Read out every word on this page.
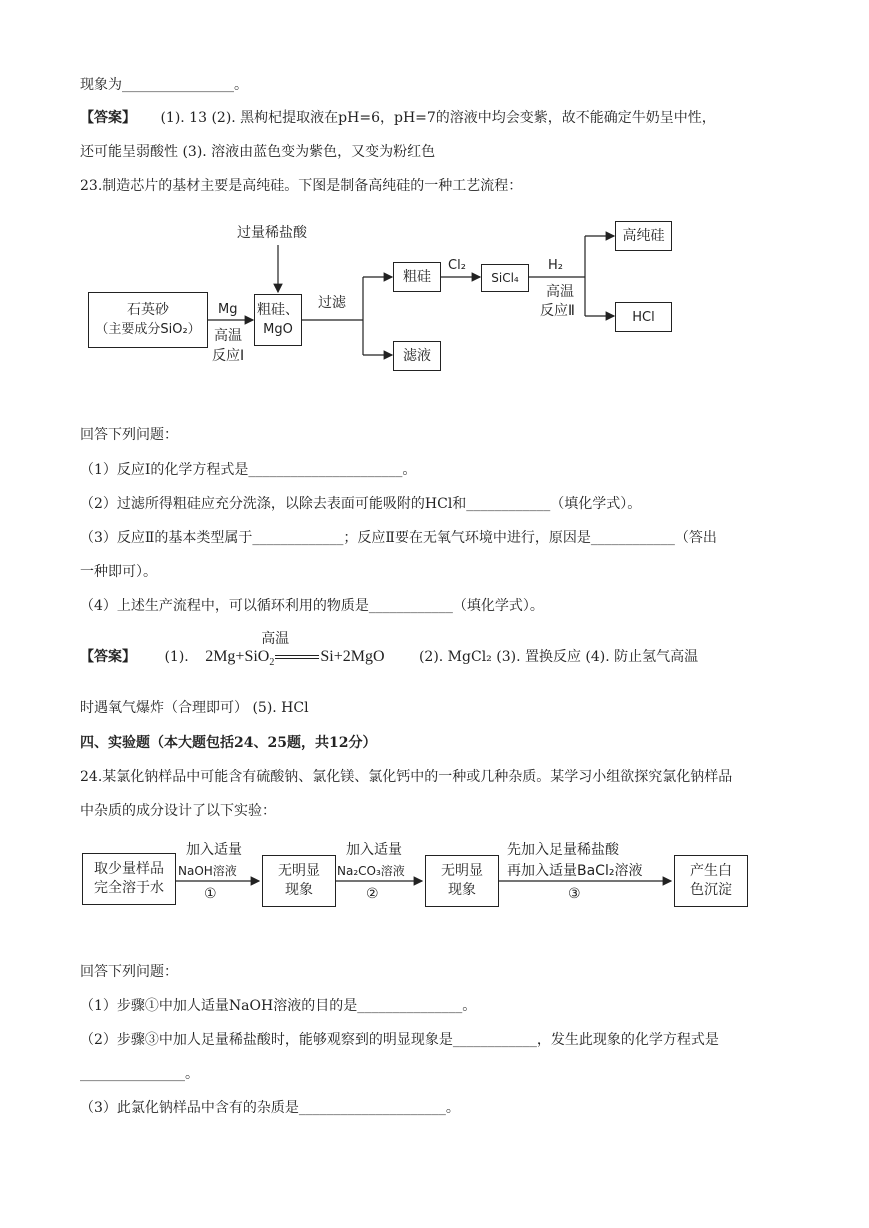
现象为________________。
【答案】 (1). 13 (2). 黑枸杞提取液在pH=6，pH=7的溶液中均会变紫，故不能确定牛奶呈中性，
还可能呈弱酸性 (3). 溶液由蓝色变为紫色，又变为粉红色
23.制造芯片的基材主要是高纯硅。下图是制备高纯硅的一种工艺流程：
过量稀盐酸
石英砂
（主要成分SiO₂）
Mg
高温
反应Ⅰ
粗硅、
MgO
过滤
粗硅
滤液
Cl₂
SiCl₄
H₂
高温
反应Ⅱ
高纯硅
HCl
回答下列问题：
（1）反应Ⅰ的化学方程式是______________________。
（2）过滤所得粗硅应充分洗涤，以除去表面可能吸附的HCl和____________（填化学式）。
（3）反应Ⅱ的基本类型属于_____________；反应Ⅱ要在无氧气环境中进行，原因是____________（答出
一种即可）。
（4）上述生产流程中，可以循环利用的物质是____________（填化学式）。
【答案】 (1). 2Mg+SiO$_2$	Si+2MgO
高温
(2). MgCl₂ (3). 置换反应 (4). 防止氢气高温
时遇氧气爆炸（合理即可） (5). HCl
四、实验题（本大题包括24、25题，共12分）
24.某氯化钠样品中可能含有硫酸钠、氯化镁、氯化钙中的一种或几种杂质。某学习小组欲探究氯化钠样品
中杂质的成分设计了以下实验：
取少量样品
完全溶于水
加入适量
NaOH溶液
①
无明显
现象
加入适量
Na₂CO₃溶液
②
无明显
现象
先加入足量稀盐酸
再加入适量BaCl₂溶液
③
产生白
色沉淀
回答下列问题：
（1）步骤①中加人适量NaOH溶液的目的是_______________。
（2）步骤③中加人足量稀盐酸时，能够观察到的明显现象是____________，发生此现象的化学方程式是
_______________。
（3）此氯化钠样品中含有的杂质是_____________________。
